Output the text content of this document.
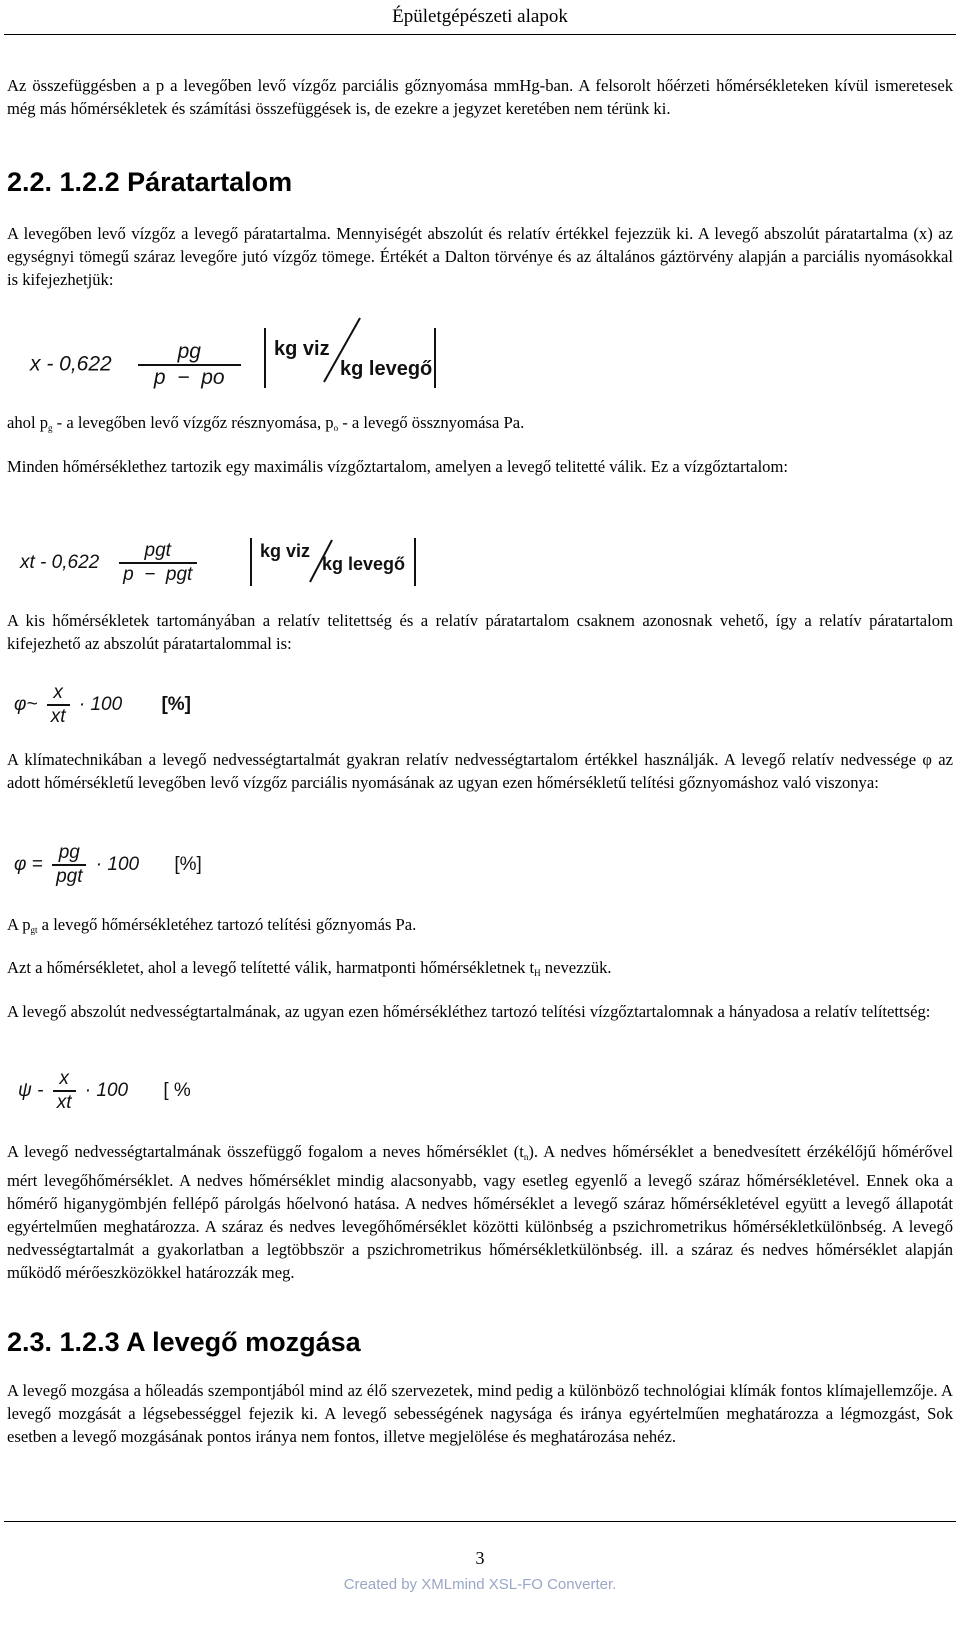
Épületgépészeti alapok
Az összefüggésben a p a levegőben levő vízgőz parciális gőznyomása mmHg-ban. A felsorolt hőérzeti hőmérsékleteken kívül ismeretesek még más hőmérsékletek és számítási összefüggések is, de ezekre a jegyzet keretében nem térünk ki.
2.2. 1.2.2 Páratartalom
A levegőben levő vízgőz a levegő páratartalma. Mennyiségét abszolút és relatív értékkel fejezzük ki. A levegő abszolút páratartalma (x) az egységnyi tömegű száraz levegőre jutó vízgőz tömege. Értékét a Dalton törvénye és az általános gáztörvény alapján a parciális nyomásokkal is kifejezhetjük:
x - $0,622 \frac{pg}{p - po}$ kg viz
kg levegő
ahol $p_g$ - a levegőben levő vízgőz résznyomása, $p_o$ - a levegő össznyomása Pa.
Minden hőmérséklethez tartozik egy maximális vízgőztartalom, amelyen a levegő telitetté válik. Ez a vízgőztartalom:
xt - 0,622
pgt
p  −  pgt
kg viz
kg levegő
A kis hőmérsékletek tartományában a relatív telitettség és a relatív páratartalom csaknem azonosnak vehető, így a relatív páratartalom kifejezhető az abszolút páratartalommal is:
φ~ $\frac{x}{xt} \cdot 100$ [%]
A klímatechnikában a levegő nedvességtartalmát gyakran relatív nedvességtartalom értékkel használják. A levegő relatív nedvessége φ az adott hőmérsékletű levegőben levő vízgőz parciális nyomásának az ugyan ezen hőmérsékletű telítési gőznyomáshoz való viszonya:
φ =
pg
pgt
· 100 [%]
A $p_{gt}$ a levegő hőmérsékletéhez tartozó telítési gőznyomás Pa.
Azt a hőmérsékletet, ahol a levegő telítetté válik, harmatponti hőmérsékletnek $t_H$ nevezzük.
A levegő abszolút nedvességtartalmának, az ugyan ezen hőmérsékléthez tartozó telítési vízgőztartalomnak a hányadosa a relatív telítettség:
$\psi - \frac{x}{xt} \cdot 100$ [ %
A levegő nedvességtartalmának összefüggő fogalom a neves hőmérséklet $(t_n)$. A nedves hőmérséklet a benedvesített érzékélőjű hőmérővel mért levegőhőmérséklet. A nedves hőmérséklet mindig alacsonyabb, vagy esetleg egyenlő a levegő száraz hőmérsékletével. Ennek oka a hőmérő higanygömbjén fellépő párolgás hőelvonó hatása. A nedves hőmérséklet a levegő száraz hőmérsékletével együtt a levegő állapotát egyértelműen meghatározza. A száraz és nedves levegőhőmérséklet közötti különbség a pszichrometrikus hőmérsékletkülönbség. A levegő nedvességtartalmát a gyakorlatban a legtöbbször a pszichrometrikus hőmérsékletkülönbség. ill. a száraz és nedves hőmérséklet alapján működő mérőeszközökkel határozzák meg.
2.3. 1.2.3 A levegő mozgása
A levegő mozgása a hőleadás szempontjából mind az élő szervezetek, mind pedig a különböző technológiai klímák fontos klímajellemzője. A levegő mozgását a légsebességgel fejezik ki. A levegő sebességének nagysága és iránya egyértelműen meghatározza a légmozgást, Sok esetben a levegő mozgásának pontos iránya nem fontos, illetve megjelölése és meghatározása nehéz.
3
Created by XMLmind XSL-FO Converter.
